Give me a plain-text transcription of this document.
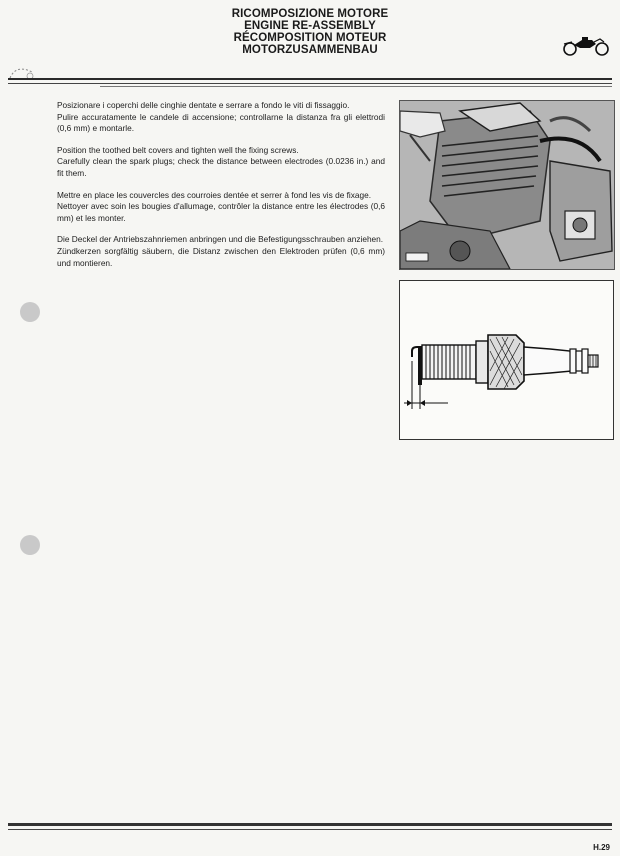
RICOMPOSIZIONE MOTORE
ENGINE RE-ASSEMBLY
RÉCOMPOSITION MOTEUR
MOTORZUSAMMENBAU

Posizionare i coperchi delle cinghie dentate e serrare a fondo le viti di fissaggio.
Pulire accuratamente le candele di accensione; controllarne la distanza fra gli elettrodi (0,6 mm) e montarle.

Position the toothed belt covers and tighten well the fixing screws.
Carefully clean the spark plugs; check the distance between electrodes (0.0236 in.) and fit them.

Mettre en place les couvercles des courroies dentée et serrer à fond les vis de fixage.
Nettoyer avec soin les bougies d'allumage, contrôler la distance entre les électrodes (0,6 mm) et les monter.

Die Deckel der Antriebszahnriemen anbringen und die Befestigungsschrauben anziehen.
Zündkerzen sorgfältig säubern, die Distanz zwischen den Elektroden prüfen (0,6 mm) und montieren.

H.29
